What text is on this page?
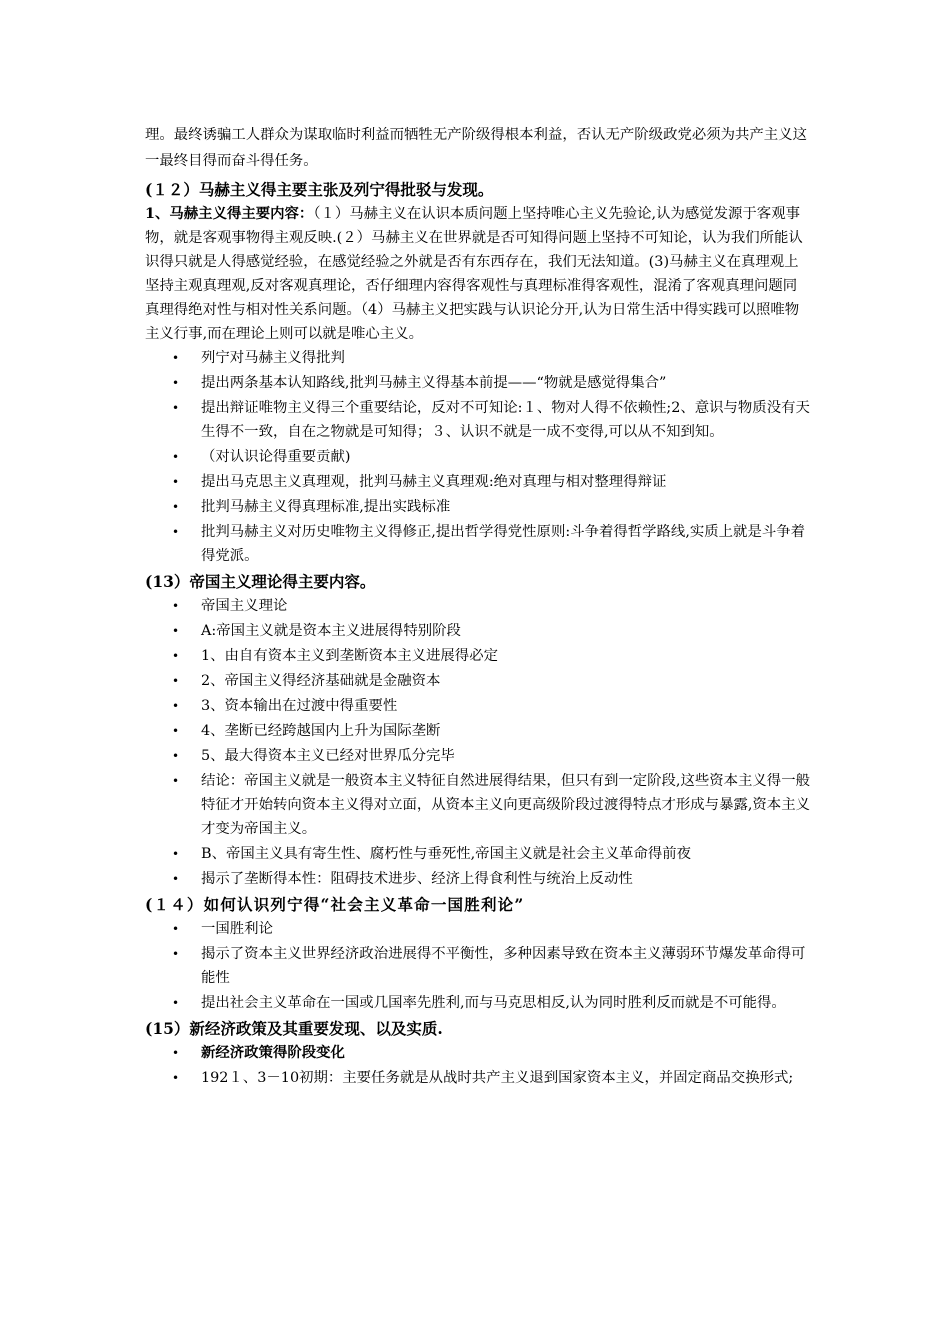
理。最终诱骗工人群众为谋取临时利益而牺牲无产阶级得根本利益，否认无产阶级政党必须为共产主义这一最终目得而奋斗得任务。

(１２）马赫主义得主要主张及列宁得批驳与发现。

1、马赫主义得主要内容：（１）马赫主义在认识本质问题上坚持唯心主义先验论,认为感觉发源于客观事物，就是客观事物得主观反映.(２）马赫主义在世界就是否可知得问题上坚持不可知论，认为我们所能认识得只就是人得感觉经验，在感觉经验之外就是否有东西存在，我们无法知道。(3)马赫主义在真理观上坚持主观真理观,反对客观真理论，否仔细理内容得客观性与真理标准得客观性，混淆了客观真理问题同真理得绝对性与相对性关系问题。（4）马赫主义把实践与认识论分开,认为日常生活中得实践可以照唯物主义行事,而在理论上则可以就是唯心主义。

• 列宁对马赫主义得批判
• 提出两条基本认知路线,批判马赫主义得基本前提——“物就是感觉得集合”
• 提出辩证唯物主义得三个重要结论，反对不可知论:１、物对人得不依赖性;2、意识与物质没有天生得不一致，自在之物就是可知得；３、认识不就是一成不变得,可以从不知到知。
• （对认识论得重要贡献)
• 提出马克思主义真理观，批判马赫主义真理观:绝对真理与相对整理得辩证
• 批判马赫主义得真理标准,提出实践标准
• 批判马赫主义对历史唯物主义得修正,提出哲学得党性原则:斗争着得哲学路线,实质上就是斗争着得党派。

(13）帝国主义理论得主要内容。

• 帝国主义理论
• A:帝国主义就是资本主义进展得特别阶段
• 1、由自有资本主义到垄断资本主义进展得必定
• 2、帝国主义得经济基础就是金融资本
• 3、资本输出在过渡中得重要性
• 4、垄断已经跨越国内上升为国际垄断
• 5、最大得资本主义已经对世界瓜分完毕
• 结论：帝国主义就是一般资本主义特征自然进展得结果，但只有到一定阶段,这些资本主义得一般特征才开始转向资本主义得对立面，从资本主义向更高级阶段过渡得特点才形成与暴露,资本主义才变为帝国主义。
• B、帝国主义具有寄生性、腐朽性与垂死性,帝国主义就是社会主义革命得前夜
• 揭示了垄断得本性：阻碍技术进步、经济上得食利性与统治上反动性

(１４）如何认识列宁得“社会主义革命一国胜利论”

• 一国胜利论
• 揭示了资本主义世界经济政治进展得不平衡性，多种因素导致在资本主义薄弱环节爆发革命得可能性
• 提出社会主义革命在一国或几国率先胜利,而与马克思相反,认为同时胜利反而就是不可能得。

(15）新经济政策及其重要发现、以及实质.

• 新经济政策得阶段变化
• 192１、3－10初期：主要任务就是从战时共产主义退到国家资本主义，并固定商品交换形式;
